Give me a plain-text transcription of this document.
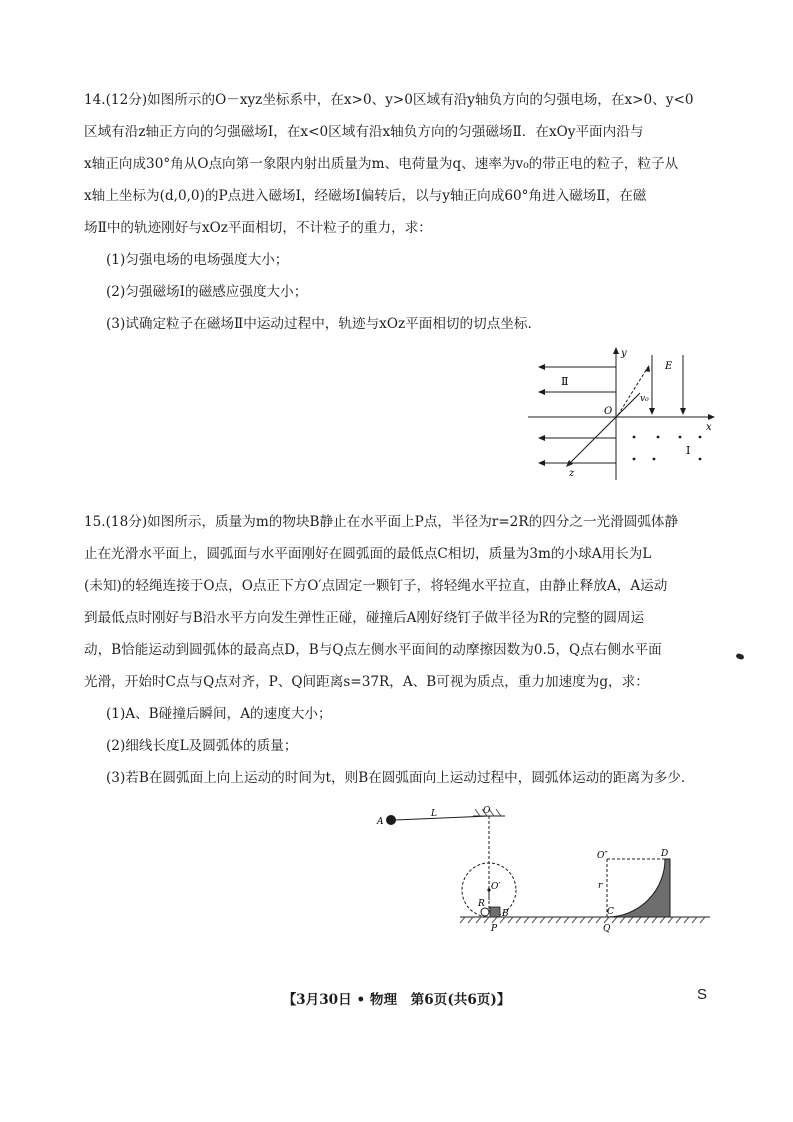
14.(12分)如图所示的O－xyz坐标系中，在x>0、y>0区域有沿y轴负方向的匀强电场，在x>0、y<0

区域有沿z轴正方向的匀强磁场Ⅰ，在x<0区域有沿x轴负方向的匀强磁场Ⅱ．在xOy平面内沿与

x轴正向成30°角从O点向第一象限内射出质量为m、电荷量为q、速率为v₀的带正电的粒子，粒子从

x轴上坐标为(d,0,0)的P点进入磁场Ⅰ，经磁场Ⅰ偏转后，以与y轴正向成60°角进入磁场Ⅱ，在磁

场Ⅱ中的轨迹刚好与xOz平面相切，不计粒子的重力，求：

(1)匀强电场的电场强度大小；

(2)匀强磁场Ⅰ的磁感应强度大小；

(3)试确定粒子在磁场Ⅱ中运动过程中，轨迹与xOz平面相切的切点坐标.

y
x
z
O
E
Ⅱ
Ⅰ
v₀

15.(18分)如图所示，质量为m的物块B静止在水平面上P点，半径为r=2R的四分之一光滑圆弧体静

止在光滑水平面上，圆弧面与水平面刚好在圆弧面的最低点C相切，质量为3m的小球A用长为L

(未知)的轻绳连接于O点，O点正下方O′点固定一颗钉子，将轻绳水平拉直，由静止释放A，A运动

到最低点时刚好与B沿水平方向发生弹性正碰，碰撞后A刚好绕钉子做半径为R的完整的圆周运

动，B恰能运动到圆弧体的最高点D，B与Q点左侧水平面间的动摩擦因数为0.5，Q点右侧水平面

光滑，开始时C点与Q点对齐，P、Q间距离s=37R，A、B可视为质点，重力加速度为g，求：

(1)A、B碰撞后瞬间，A的速度大小；

(2)细线长度L及圆弧体的质量；

(3)若B在圆弧面上向上运动的时间为t，则B在圆弧面向上运动过程中，圆弧体运动的距离为多少.

A
L	O
O′
R
B
P
O″	D
r
C
Q
【3月30日 • 物理　第6页(共6页)】	S
